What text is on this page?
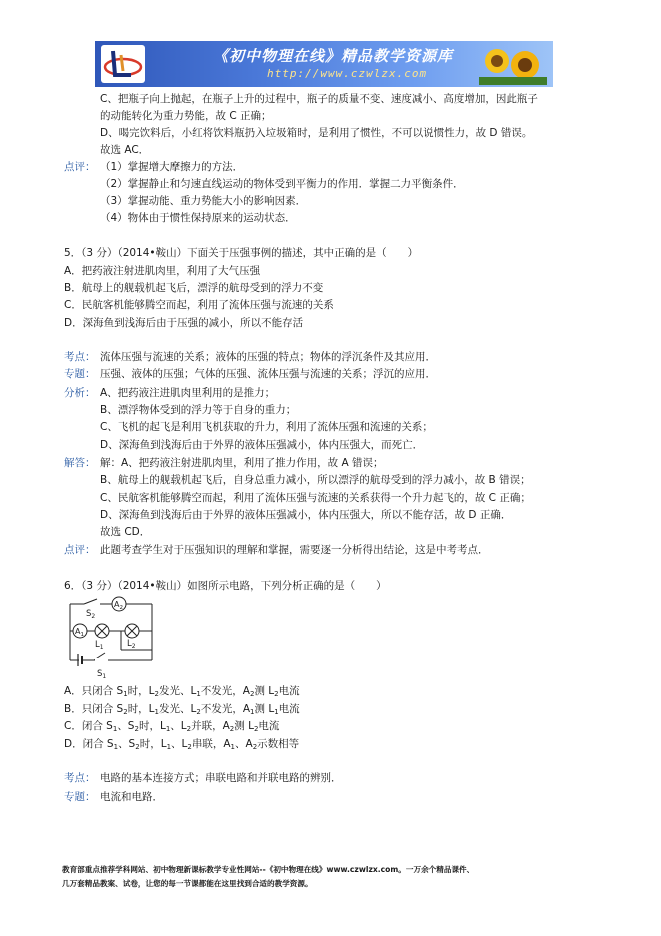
《初中物理在线》精品教学资源库
http://www.czwlzx.com
C、把瓶子向上抛起，在瓶子上升的过程中，瓶子的质量不变、速度减小、高度增加，因此瓶子
的动能转化为重力势能，故 C 正确；
D、喝完饮料后，小红将饮料瓶扔入垃圾箱时，是利用了惯性，不可以说惯性力，故 D 错误。
故选 AC．
点评： （1）掌握增大摩擦力的方法．
（2）掌握静止和匀速直线运动的物体受到平衡力的作用．掌握二力平衡条件．
（3）掌握动能、重力势能大小的影响因素．
（4）物体由于惯性保持原来的运动状态．
5．（3 分）（2014•鞍山）下面关于压强事例的描述，其中正确的是（　　）
A．把药液注射进肌肉里，利用了大气压强
B．航母上的舰载机起飞后，漂浮的航母受到的浮力不变
C．民航客机能够腾空而起，利用了流体压强与流速的关系
D．深海鱼到浅海后由于压强的减小，所以不能存活
考点： 流体压强与流速的关系；液体的压强的特点；物体的浮沉条件及其应用．
专题： 压强、液体的压强；气体的压强、流体压强与流速的关系；浮沉的应用．
分析： A、把药液注进肌肉里利用的是推力；
B、漂浮物体受到的浮力等于自身的重力；
C、飞机的起飞是利用飞机获取的升力，利用了流体压强和流速的关系；
D、深海鱼到浅海后由于外界的液体压强减小，体内压强大，而死亡．
解答： 解：A、把药液注射进肌肉里，利用了推力作用，故 A 错误；
B、航母上的舰载机起飞后，自身总重力减小，所以漂浮的航母受到的浮力减小，故 B 错误；
C、民航客机能够腾空而起，利用了流体压强与流速的关系获得一个升力起飞的，故 C 正确；
D、深海鱼到浅海后由于外界的液体压强减小，体内压强大，所以不能存活，故 D 正确．
故选 CD．
点评： 此题考查学生对于压强知识的理解和掌握，需要逐一分析得出结论，这是中考考点．
6．（3 分）（2014•鞍山）如图所示电路，下列分析正确的是（　　）
$S_2$
$A_2$
$A_1$
$L_1$	$L_2$
$S_1$
A．只闭合 S1时，L2发光、L1不发光，A2测 L2电流
B．只闭合 S2时，L1发光、L2不发光，A1测 L1电流
C．闭合 S1、S2时，L1、L2并联，A2测 L2电流
D．闭合 S1、S2时，L1、L2串联，A1、A2示数相等
考点： 电路的基本连接方式；串联电路和并联电路的辨别．
专题： 电流和电路．
教育部重点推荐学科网站、初中物理新课标教学专业性网站--《初中物理在线》www.czwlzx.com。一万余个精品课件、
几万套精品教案、试卷，让您的每一节课都能在这里找到合适的教学资源。
